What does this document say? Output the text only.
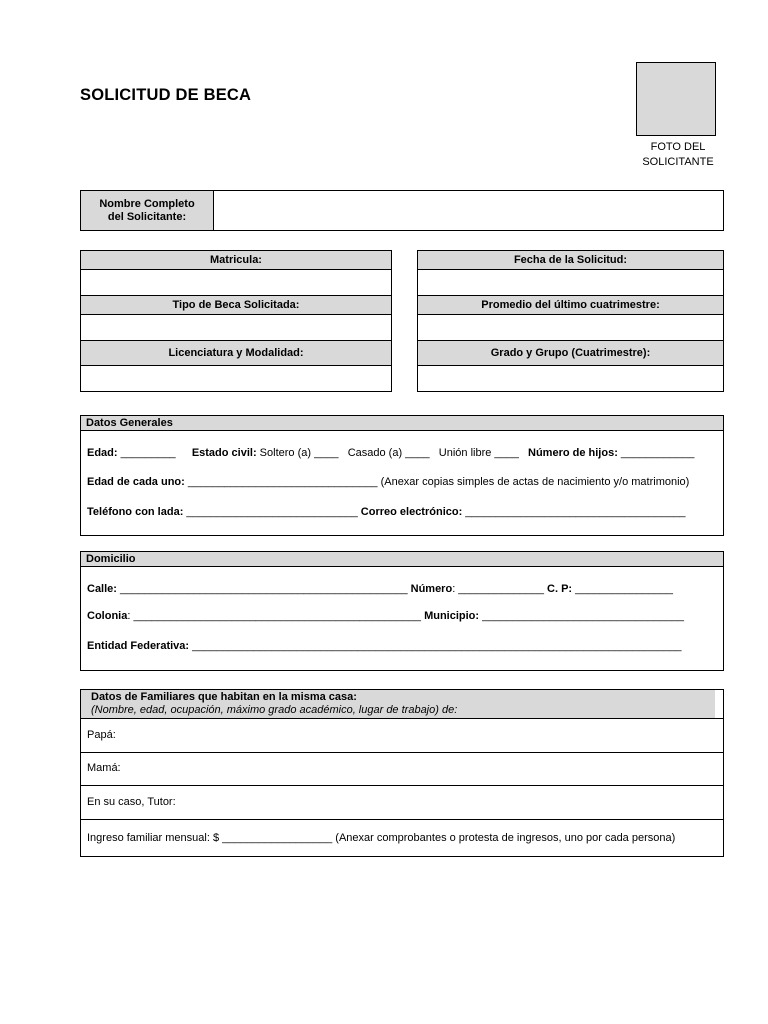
SOLICITUD DE BECA
FOTO DEL
SOLICITANTE
Nombre Completo
del Solicitante:
Matricula:
Tipo de Beca Solicitada:
Licenciatura y Modalidad:
Fecha de la Solicitud:
Promedio del último cuatrimestre:
Grado y Grupo (Cuatrimestre):
Datos Generales
Edad: _________ Estado civil: Soltero (a) ____ Casado (a) ____ Unión libre ____ Número de hijos: ____________
Edad de cada uno: _______________________________ (Anexar copias simples de actas de nacimiento y/o matrimonio)
Teléfono con lada: ____________________________ Correo electrónico: ____________________________________
Domicilio
Calle: _______________________________________________ Número: ______________ C. P: ________________
Colonia: _______________________________________________ Municipio: _________________________________
Entidad Federativa: ________________________________________________________________________________
Datos de Familiares que habitan en la misma casa:
(Nombre, edad, ocupación, máximo grado académico, lugar de trabajo) de:
Papá:
Mamá:
En su caso, Tutor:
Ingreso familiar mensual: $ __________________ (Anexar comprobantes o protesta de ingresos, uno por cada persona)
